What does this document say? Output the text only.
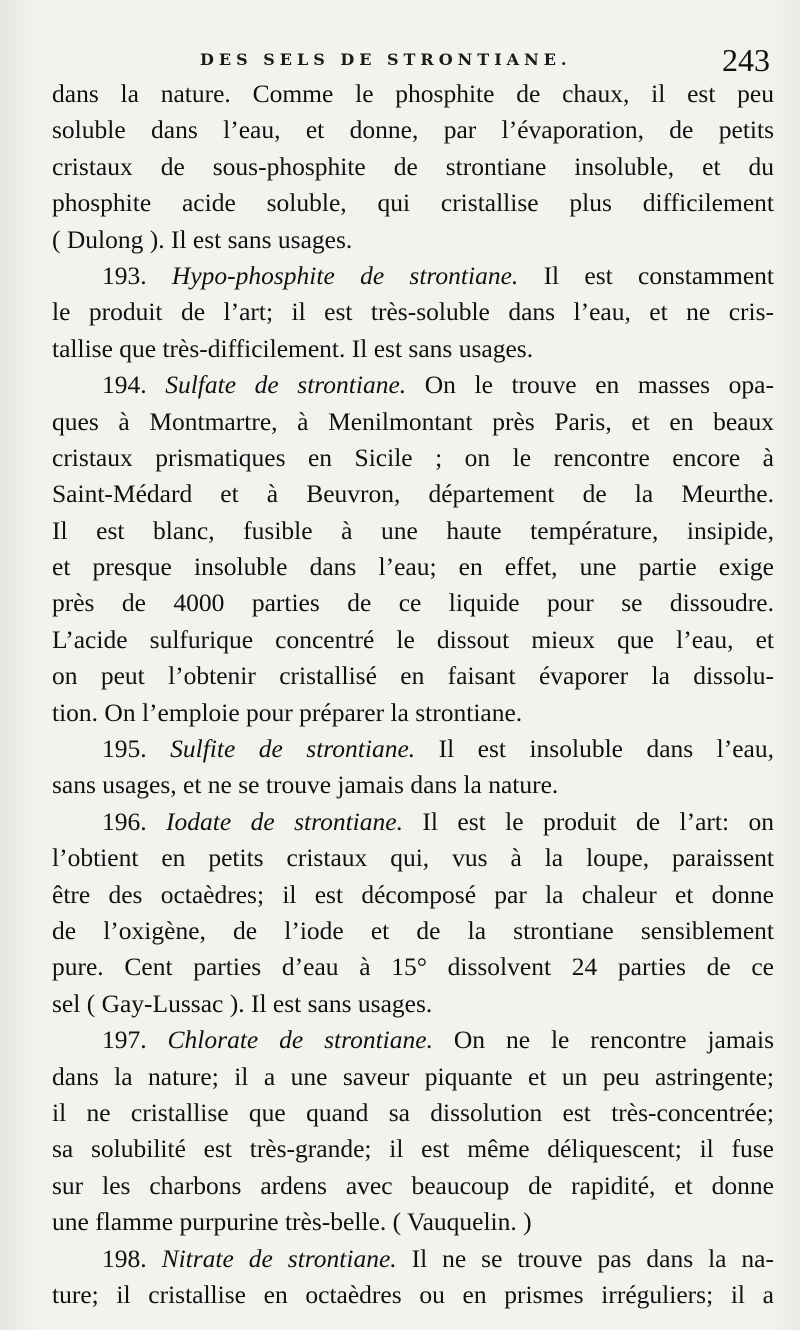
DES SELS DE STRONTIANE.	243
dans la nature. Comme le phosphite de chaux, il est peu
soluble dans l’eau, et donne, par l’évaporation, de petits
cristaux de sous-phosphite de strontiane insoluble, et du
phosphite acide soluble, qui cristallise plus difficilement
( Dulong ). Il est sans usages.
193. Hypo-phosphite de strontiane. Il est constamment
le produit de l’art; il est très-soluble dans l’eau, et ne cris-
tallise que très-difficilement. Il est sans usages.
194. Sulfate de strontiane. On le trouve en masses opa-
ques à Montmartre, à Menilmontant près Paris, et en beaux
cristaux prismatiques en Sicile ; on le rencontre encore à
Saint-Médard et à Beuvron, département de la Meurthe.
Il est blanc, fusible à une haute température, insipide,
et presque insoluble dans l’eau; en effet, une partie exige
près de 4000 parties de ce liquide pour se dissoudre.
L’acide sulfurique concentré le dissout mieux que l’eau, et
on peut l’obtenir cristallisé en faisant évaporer la dissolu-
tion. On l’emploie pour préparer la strontiane.
195. Sulfite de strontiane. Il est insoluble dans l’eau,
sans usages, et ne se trouve jamais dans la nature.
196. Iodate de strontiane. Il est le produit de l’art: on
l’obtient en petits cristaux qui, vus à la loupe, paraissent
être des octaèdres; il est décomposé par la chaleur et donne
de l’oxigène, de l’iode et de la strontiane sensiblement
pure. Cent parties d’eau à 15° dissolvent 24 parties de ce
sel ( Gay-Lussac ). Il est sans usages.
197. Chlorate de strontiane. On ne le rencontre jamais
dans la nature; il a une saveur piquante et un peu astringente;
il ne cristallise que quand sa dissolution est très-concentrée;
sa solubilité est très-grande; il est même déliquescent; il fuse
sur les charbons ardens avec beaucoup de rapidité, et donne
une flamme purpurine très-belle. ( Vauquelin. )
198. Nitrate de strontiane. Il ne se trouve pas dans la na-
ture; il cristallise en octaèdres ou en prismes irréguliers; il a
